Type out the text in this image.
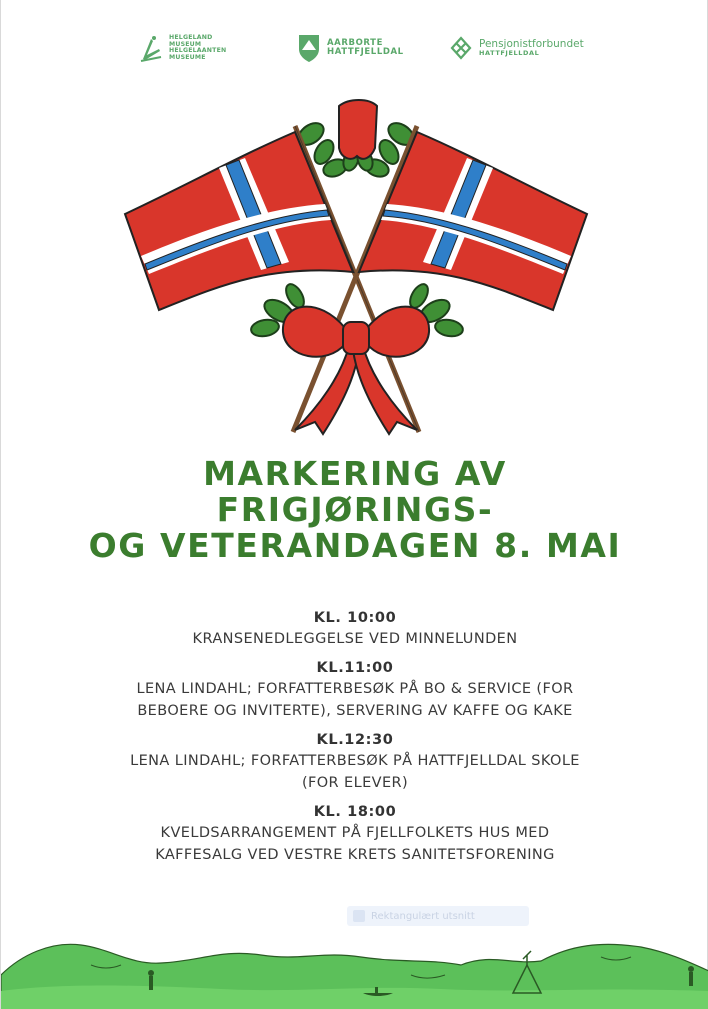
HELGELAND
MUSEUM
HELGELAANTEN
MUSEUME
AARBORTE
HATTFJELLDAL
Pensjonistforbundet
HATTFJELLDAL
MARKERING AV
FRIGJØRINGS-
OG VETERANDAGEN 8. MAI
KL. 10:00
KRANSENEDLEGGELSE VED MINNELUNDEN
KL.11:00
LENA LINDAHL; FORFATTERBESØK PÅ BO & SERVICE (FOR
BEBOERE OG INVITERTE), SERVERING AV KAFFE OG KAKE
KL.12:30
LENA LINDAHL; FORFATTERBESØK PÅ HATTFJELLDAL SKOLE
(FOR ELEVER)
KL. 18:00
KVELDSARRANGEMENT PÅ FJELLFOLKETS HUS MED
KAFFESALG VED VESTRE KRETS SANITETSFORENING
Rektangulært utsnitt
